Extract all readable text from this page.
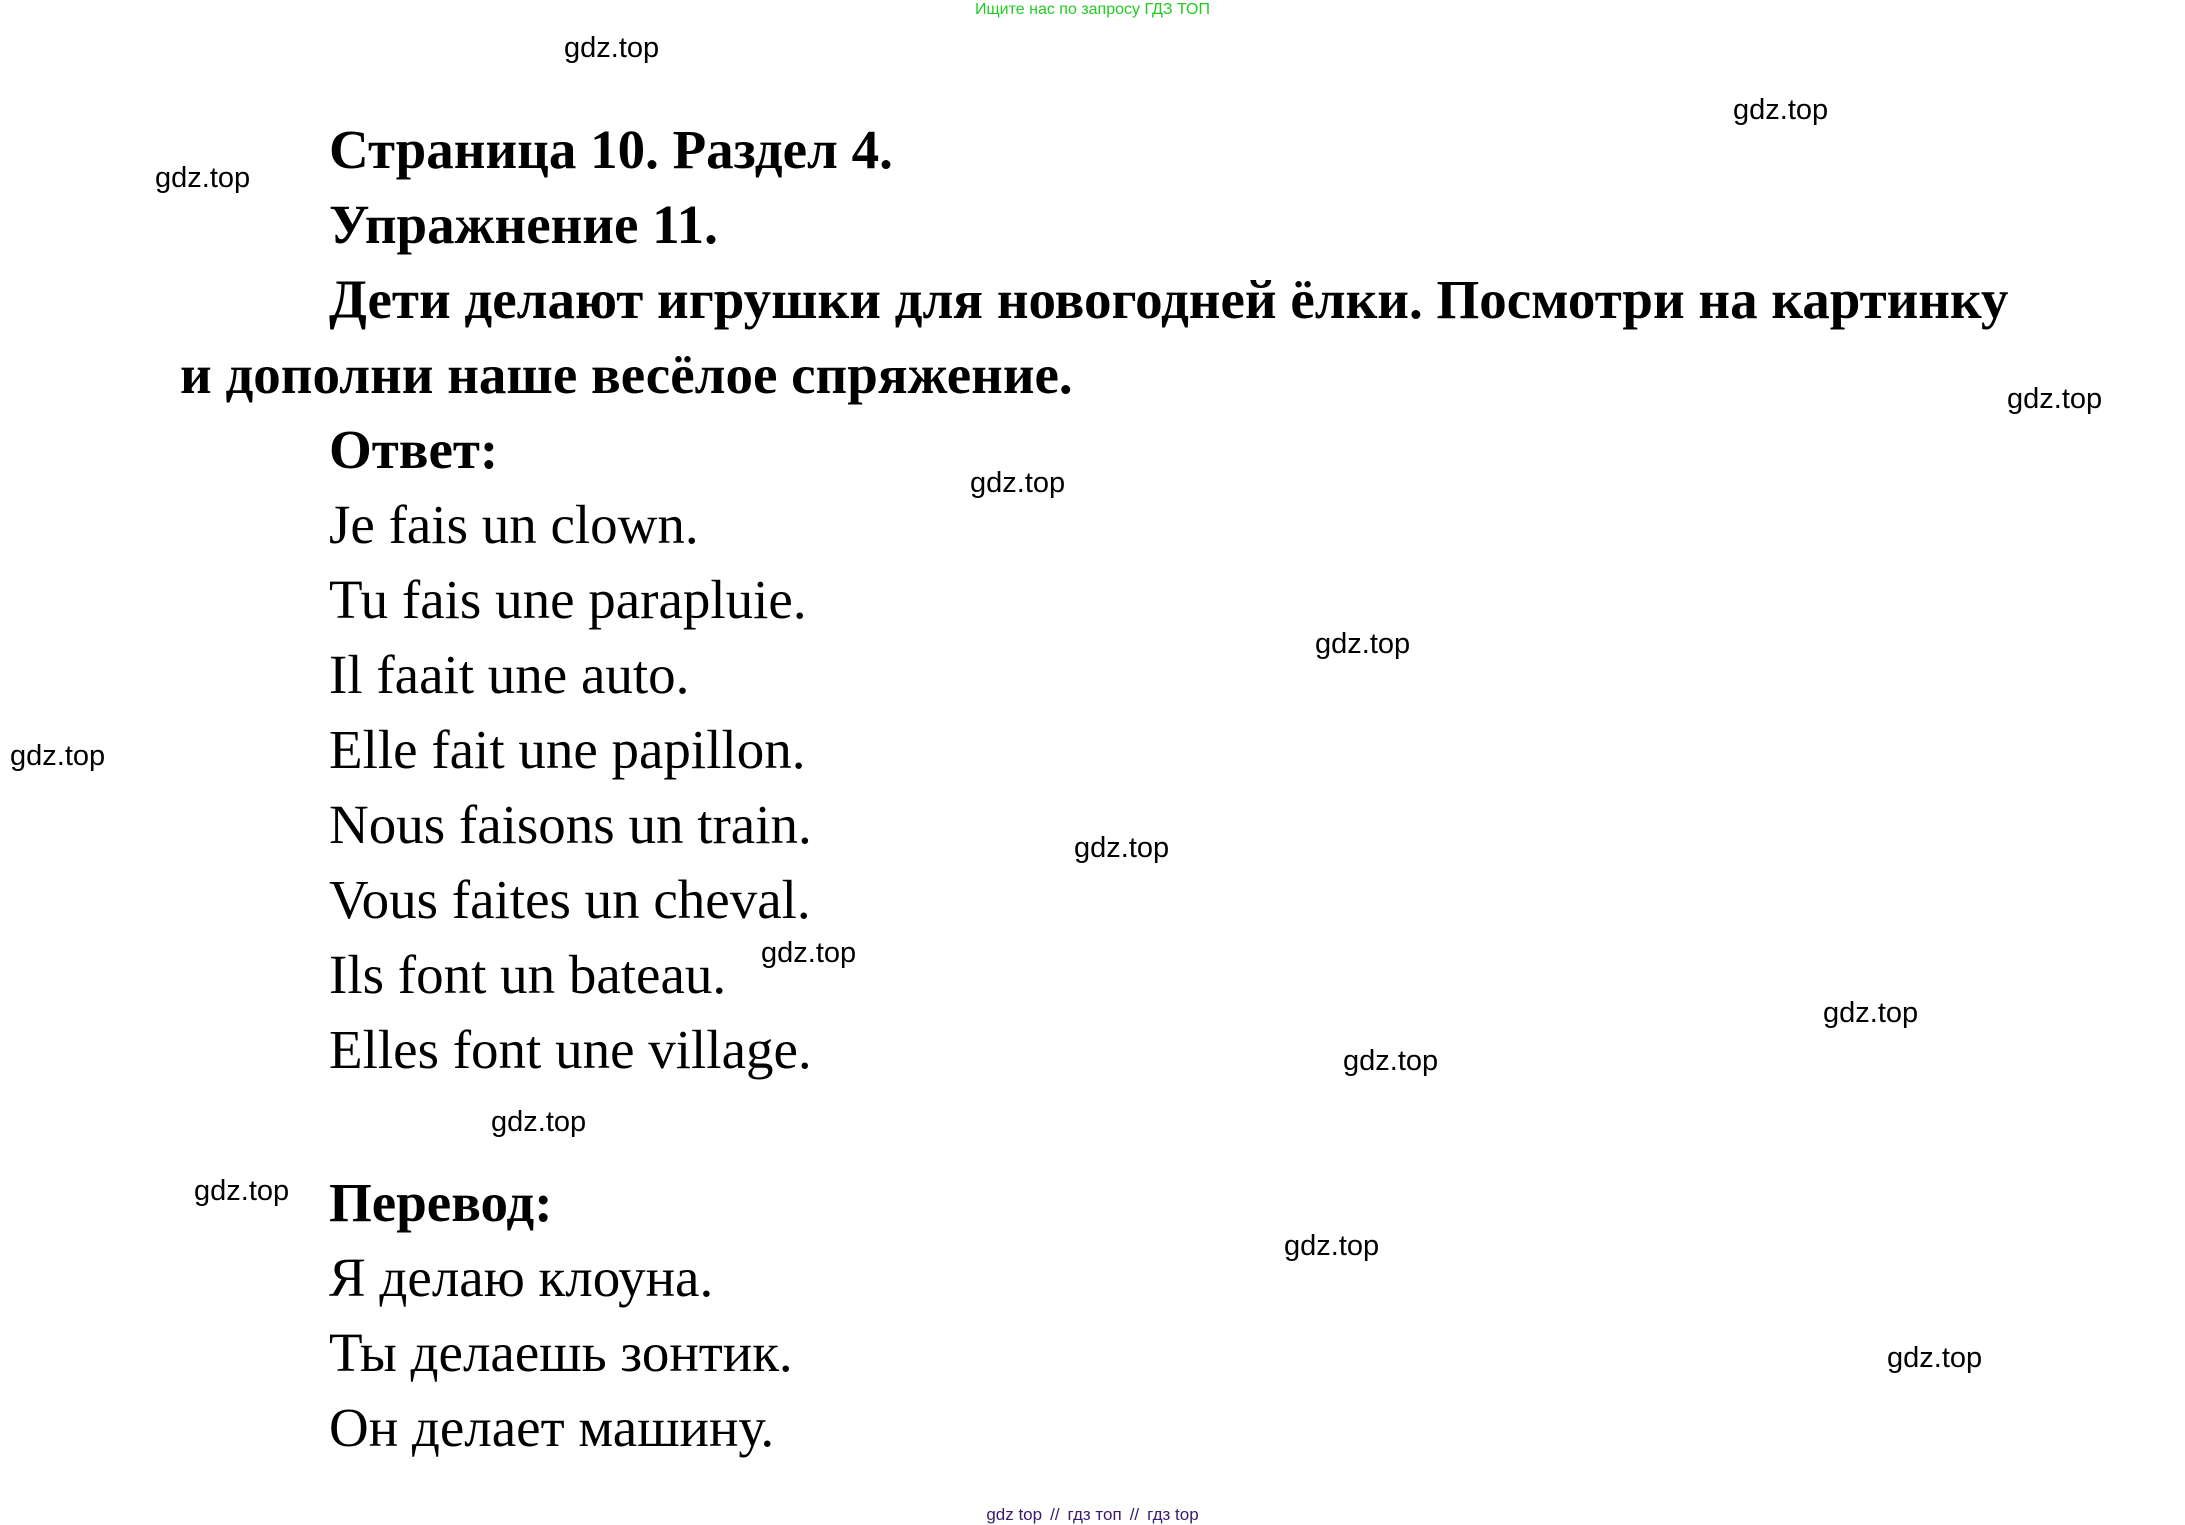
Ищите нас по запросу ГДЗ ТОП
gdz.top
gdz.top
gdz.top
gdz.top
gdz.top
gdz.top
gdz.top
gdz.top
gdz.top
gdz.top
gdz.top
gdz.top
gdz.top
gdz.top
gdz.top
Страница 10. Раздел 4.
Упражнение 11.
Дети делают игрушки для новогодней ёлки. Посмотри на картинку
и дополни наше весёлое спряжение.
Ответ:
Je fais un clown.
Tu fais une parapluie.
Il faait une auto.
Elle fait une papillon.
Nous faisons un train.
Vous faites un cheval.
Ils font un bateau.
Elles font une village.
Перевод:
Я делаю клоуна.
Ты делаешь зонтик.
Он делает машину.
gdz top // гдз топ // гдз top
